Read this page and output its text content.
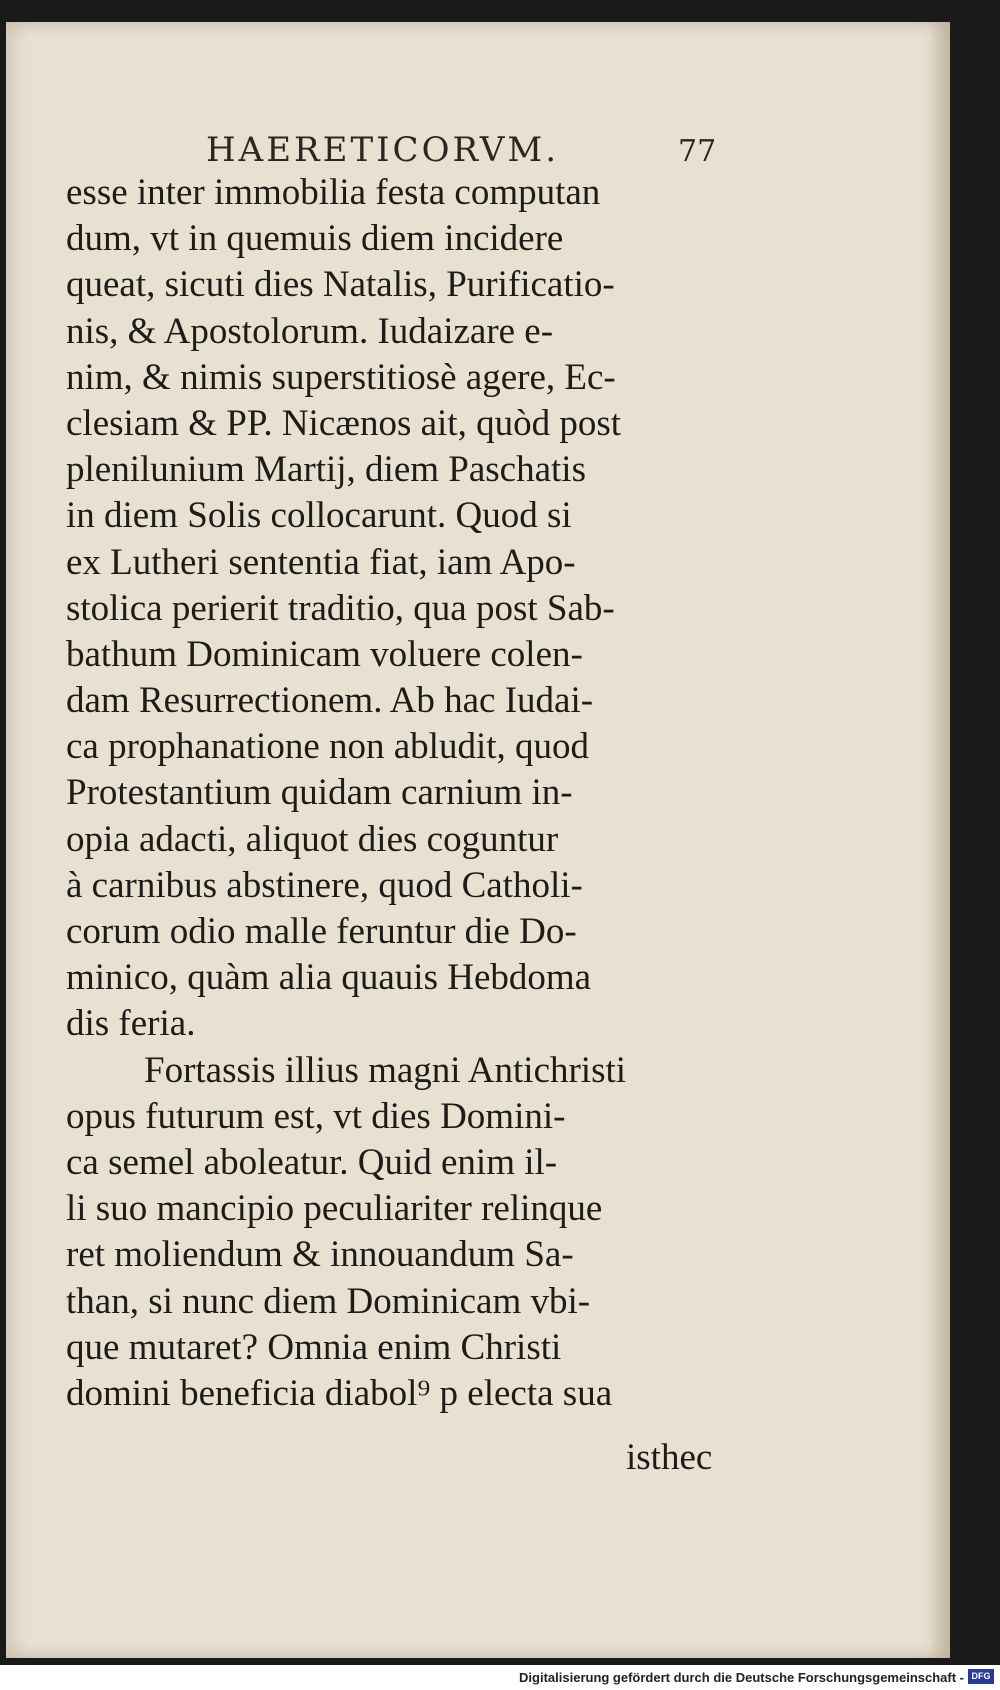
HAERETICORVM.	77
esse inter immobilia festa computan
dum, vt in quemuis diem incidere
queat, sicuti dies Natalis, Purificatio-
nis, & Apostolorum. Iudaizare e-
nim, & nimis superstitiosè agere, Ec-
clesiam & PP. Nicænos ait, quòd post
plenilunium Martij, diem Paschatis
in diem Solis collocarunt. Quod si
ex Lutheri sententia fiat, iam Apo-
stolica perierit traditio, qua post Sab-
bathum Dominicam voluere colen-
dam Resurrectionem. Ab hac Iudai-
ca prophanatione non abludit, quod
Protestantium quidam carnium in-
opia adacti, aliquot dies coguntur
à carnibus abstinere, quod Catholi-
corum odio malle feruntur die Do-
minico, quàm alia quauis Hebdoma
dis feria.
Fortassis illius magni Antichristi
opus futurum est, vt dies Domini-
ca semel aboleatur. Quid enim il-
li suo mancipio peculiariter relinque
ret moliendum & innouandum Sa-
than, si nunc diem Dominicam vbi-
que mutaret? Omnia enim Christi
domini beneficia diabol⁹ p electa sua
isthec
Digitalisierung gefördert durch die Deutsche Forschungsgemeinschaft - DFG
